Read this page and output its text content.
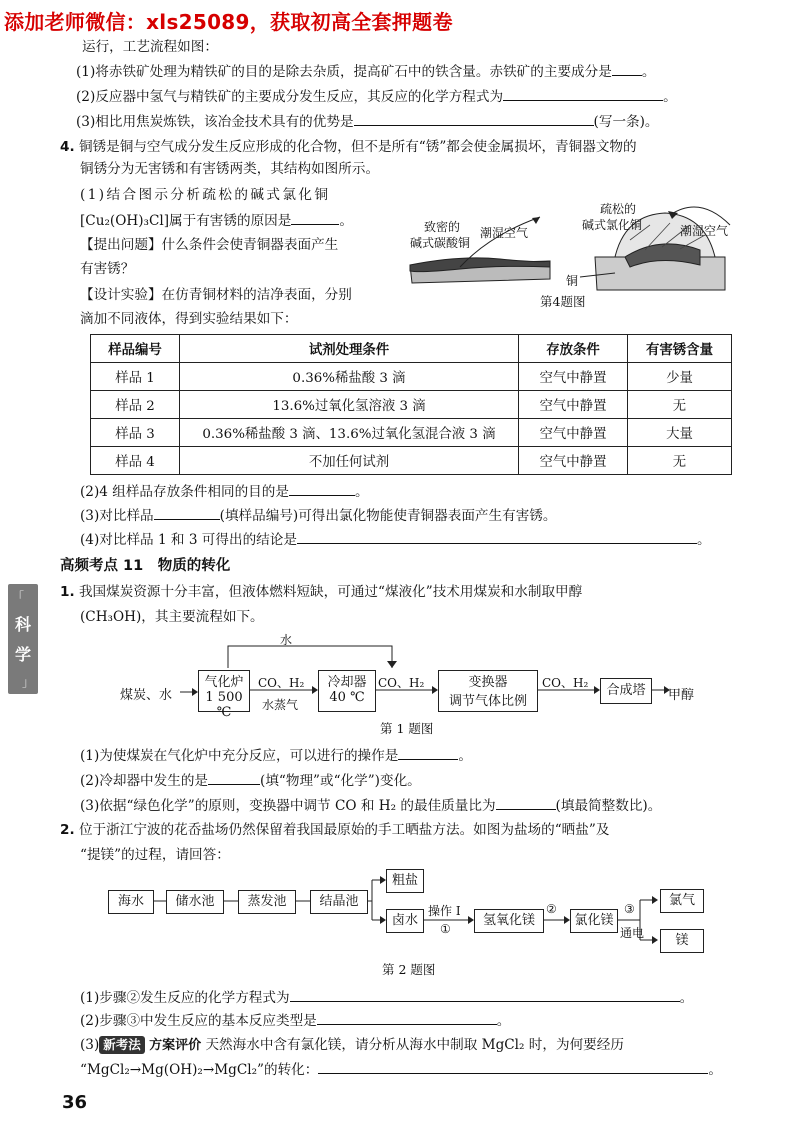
添加老师微信：xls25089，获取初高全套押题卷
运行，工艺流程如图：
(1)将赤铁矿处理为精铁矿的目的是除去杂质，提高矿石中的铁含量。赤铁矿的主要成分是 。
(2)反应器中氢气与精铁矿的主要成分发生反应，其反应的化学方程式为	。
(3)相比用焦炭炼铁，该冶金技术具有的优势是	(写一条)。
4. 铜锈是铜与空气成分发生反应形成的化合物，但不是所有“锈”都会使金属损坏，青铜器文物的
铜锈分为无害锈和有害锈两类，其结构如图所示。
(1)结合图示分析疏松的碱式氯化铜
[Cu₂(OH)₃Cl]属于有害锈的原因是	。
【提出问题】什么条件会使青铜器表面产生
有害锈？
【设计实验】在仿青铜材料的洁净表面，分别
滴加不同液体，得到实验结果如下：
致密的
碱式碳酸铜
潮湿空气
疏松的
碱式氯化铜	潮湿空气
铜
第4题图
样品编号	试剂处理条件	存放条件	有害锈含量
样品 1	0.36%稀盐酸 3 滴	空气中静置	少量
样品 2	13.6%过氧化氢溶液 3 滴	空气中静置	无
样品 3	0.36%稀盐酸 3 滴、13.6%过氧化氢混合液 3 滴	空气中静置	大量
样品 4	不加任何试剂	空气中静置	无
(2)4 组样品存放条件相同的目的是	。
(3)对比样品	(填样品编号)可得出氯化物能使青铜器表面产生有害锈。
(4)对比样品 1 和 3 可得出的结论是	。
高频考点 11　物质的转化
「
科
学
」
1. 我国煤炭资源十分丰富，但液体燃料短缺，可通过“煤液化”技术用煤炭和水制取甲醇
(CH₃OH)，其主要流程如下。
水
煤炭、水
气化炉
1 500 ℃
CO、H₂
水蒸气
冷却器
40 ℃
CO、H₂	变换器
调节气体比例
CO、H₂	合成塔	甲醇
第 1 题图
(1)为使煤炭在气化炉中充分反应，可以进行的操作是	。
(2)冷却器中发生的是	(填“物理”或“化学”)变化。
(3)依据“绿色化学”的原则，变换器中调节 CO 和 H₂ 的最佳质量比为	(填最简整数比)。
2. 位于浙江宁波的花岙盐场仍然保留着我国最原始的手工晒盐方法。如图为盐场的“晒盐”及
“提镁”的过程，请回答：
海水	储水池	蒸发池	结晶池
粗盐
卤水
操作 I
①
氢氧化镁
②
氯化镁
③
通电
氯气
镁
第 2 题图
(1)步骤②发生反应的化学方程式为	。
(2)步骤③中发生反应的基本反应类型是	。
(3) 新考法 方案评价 天然海水中含有氯化镁，请分析从海水中制取 MgCl₂ 时，为何要经历
“MgCl₂→Mg(OH)₂→MgCl₂”的转化：	。
36
